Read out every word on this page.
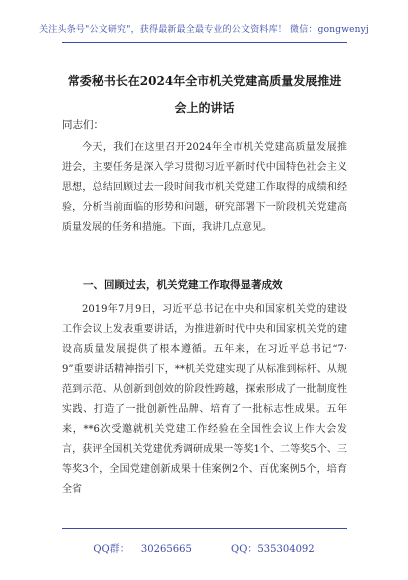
关注头条号"公文研究"，获得最新最全最专业的公文资料库！ 微信：gongwenyj
常委秘书长在2024年全市机关党建高质量发展推进会上的讲话
同志们：
今天，我们在这里召开2024年全市机关党建高质量发展推进会，主要任务是深入学习贯彻习近平新时代中国特色社会主义思想，总结回顾过去一段时间我市机关党建工作取得的成绩和经验，分析当前面临的形势和问题，研究部署下一阶段机关党建高质量发展的任务和措施。下面，我讲几点意见。
一、回顾过去，机关党建工作取得显著成效
2019年7月9日，习近平总书记在中央和国家机关党的建设工作会议上发表重要讲话，为推进新时代中央和国家机关党的建设高质量发展提供了根本遵循。五年来，在习近平总书记“7·9”重要讲话精神指引下，**机关党建实现了从标准到标杆、从规范到示范、从创新到创效的阶段性跨越，探索形成了一批制度性实践、打造了一批创新性品牌、培育了一批标志性成果。五年来，**6次受邀就机关党建工作经验在全国性会议上作大会发言，获评全国机关党建优秀调研成果一等奖1个、二等奖5个、三等奖3个，全国党建创新成果十佳案例2个、百优案例5个，培育全省
QQ群： 30265665	QQ：535304092
